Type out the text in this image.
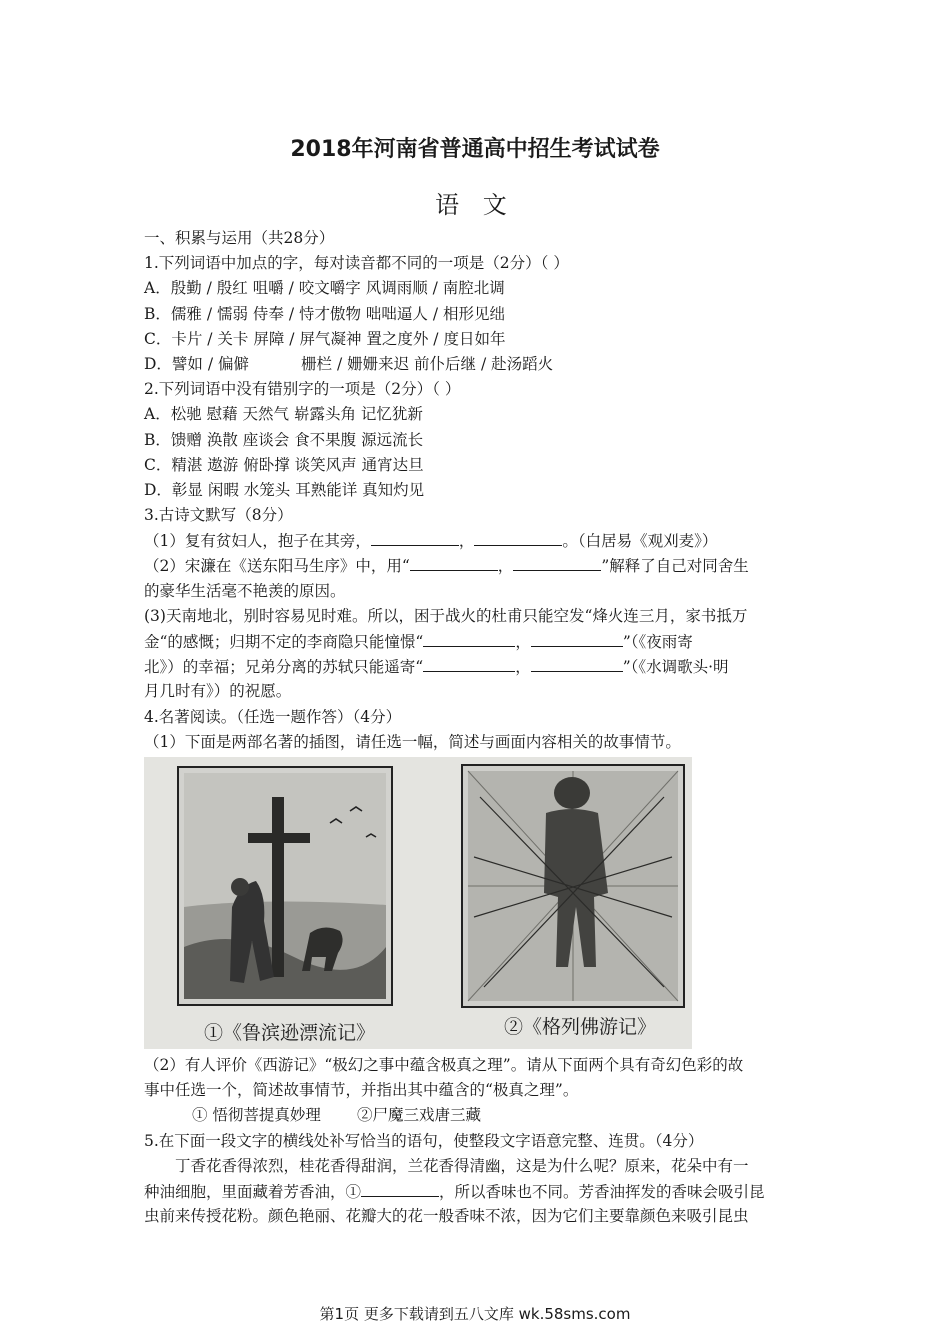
2018年河南省普通高中招生考试试卷
语 文
一、积累与运用（共28分）
1.下列词语中加点的字，每对读音都不同的一项是（2分）（ ）
A．殷勤 / 殷红 咀嚼 / 咬文嚼字 风调雨顺 / 南腔北调
B．儒雅 / 懦弱 侍奉 / 恃才傲物 咄咄逼人 / 相形见绌
C．卡片 / 关卡 屏障 / 屏气凝神 置之度外 / 度日如年
D．譬如 / 偏僻	栅栏 / 姗姗来迟 前仆后继 / 赴汤蹈火
2.下列词语中没有错别字的一项是（2分）（ ）
A．松驰 慰藉 天然气 崭露头角 记忆犹新
B．馈赠 涣散 座谈会 食不果腹 源远流长
C．精湛 遨游 俯卧撑 谈笑风声 通宵达旦
D．彰显 闲暇 水笼头 耳熟能详 真知灼见
3.古诗文默写（8分）
（1）复有贫妇人，抱子在其旁，	，	。（白居易《观刈麦》）
（2）宋濂在《送东阳马生序》中，用“	，	”解释了自己对同舍生
的豪华生活毫不艳羡的原因。
(3)天南地北，别时容易见时难。所以，困于战火的杜甫只能空发“烽火连三月，家书抵万
金“的感慨；归期不定的李商隐只能憧憬“	，	”（《夜雨寄
北》）的幸福；兄弟分离的苏轼只能遥寄“	，	”（《水调歌头·明
月几时有》）的祝愿。
4.名著阅读。（任选一题作答）（4分）
（1）下面是两部名著的插图，请任选一幅，简述与画面内容相关的故事情节。
①《鲁滨逊漂流记》	②《格列佛游记》
（2）有人评价《西游记》“极幻之事中蕴含极真之理”。请从下面两个具有奇幻色彩的故
事中任选一个，简述故事情节，并指出其中蕴含的“极真之理”。
① 悟彻菩提真妙理 ②尸魔三戏唐三藏
5.在下面一段文字的横线处补写恰当的语句，使整段文字语意完整、连贯。（4分）
丁香花香得浓烈，桂花香得甜润，兰花香得清幽，这是为什么呢？原来，花朵中有一
种油细胞，里面藏着芳香油，①	，所以香味也不同。芳香油挥发的香味会吸引昆
虫前来传授花粉。颜色艳丽、花瓣大的花一般香味不浓，因为它们主要靠颜色来吸引昆虫
第1页 更多下载请到五八文库 wk.58sms.com
